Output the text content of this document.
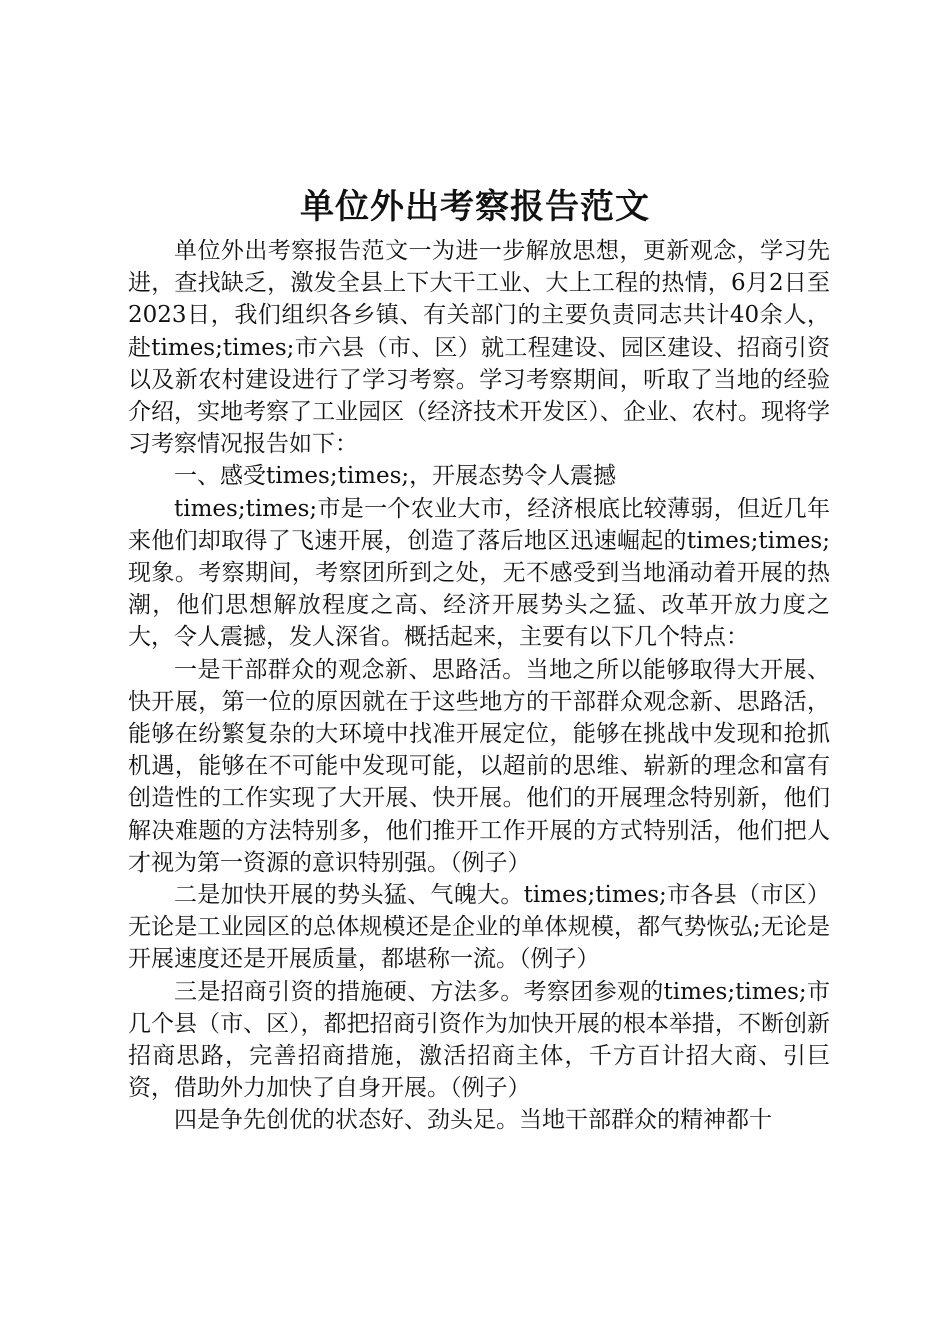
单位外出考察报告范文

单位外出考察报告范文一为进一步解放思想，更新观念，学习先进，查找缺乏，激发全县上下大干工业、大上工程的热情，6月2日至2023日，我们组织各乡镇、有关部门的主要负责同志共计40余人，赴times;times;市六县（市、区）就工程建设、园区建设、招商引资以及新农村建设进行了学习考察。学习考察期间，听取了当地的经验介绍，实地考察了工业园区（经济技术开发区）、企业、农村。现将学习考察情况报告如下：

一、感受times;times;，开展态势令人震撼

times;times;市是一个农业大市，经济根底比较薄弱，但近几年来他们却取得了飞速开展，创造了落后地区迅速崛起的times;times;现象。考察期间，考察团所到之处，无不感受到当地涌动着开展的热潮，他们思想解放程度之高、经济开展势头之猛、改革开放力度之大，令人震撼，发人深省。概括起来，主要有以下几个特点：

一是干部群众的观念新、思路活。当地之所以能够取得大开展、快开展，第一位的原因就在于这些地方的干部群众观念新、思路活，能够在纷繁复杂的大环境中找准开展定位，能够在挑战中发现和抢抓机遇，能够在不可能中发现可能，以超前的思维、崭新的理念和富有创造性的工作实现了大开展、快开展。他们的开展理念特别新，他们解决难题的方法特别多，他们推开工作开展的方式特别活，他们把人才视为第一资源的意识特别强。（例子）

二是加快开展的势头猛、气魄大。times;times;市各县（市区）无论是工业园区的总体规模还是企业的单体规模，都气势恢弘;无论是开展速度还是开展质量，都堪称一流。（例子）

三是招商引资的措施硬、方法多。考察团参观的times;times;市几个县（市、区），都把招商引资作为加快开展的根本举措，不断创新招商思路，完善招商措施，激活招商主体，千方百计招大商、引巨资，借助外力加快了自身开展。（例子）

四是争先创优的状态好、劲头足。当地干部群众的精神都十
